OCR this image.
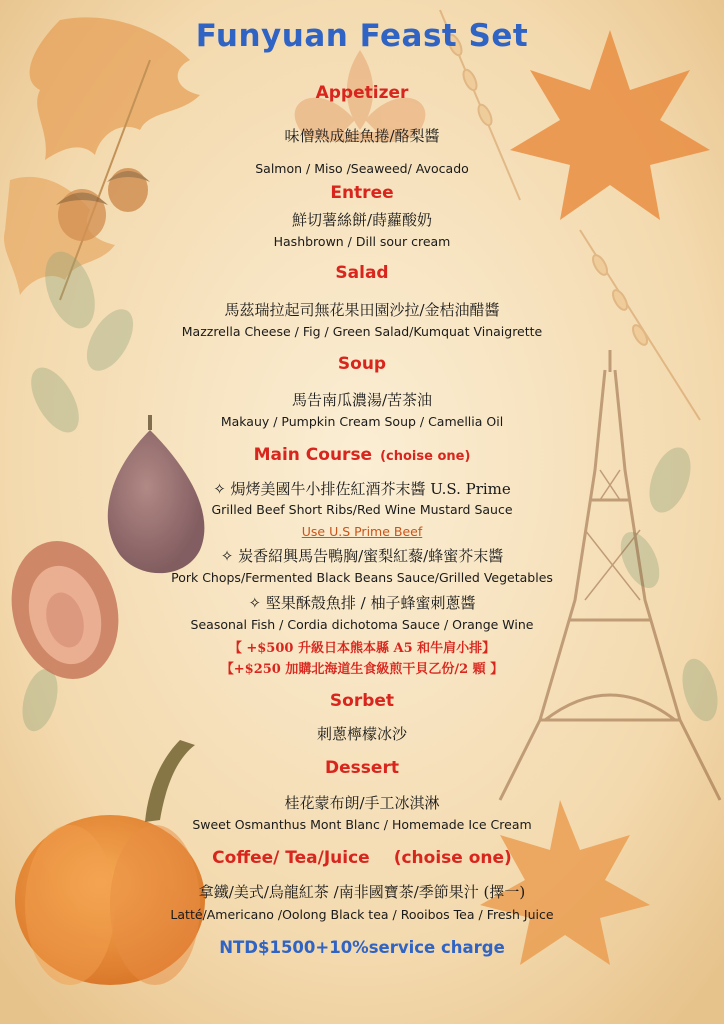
Funyuan Feast Set
Appetizer
味僧熟成鮭魚捲/酪梨醬
Salmon / Miso /Seaweed/ Avocado
Entree
鮮切薯絲餅/蒔蘿酸奶
Hashbrown / Dill sour cream
Salad
馬茲瑞拉起司無花果田園沙拉/金桔油醋醬
Mazzrella Cheese / Fig / Green Salad/Kumquat Vinaigrette
Soup
馬告南瓜濃湯/苦茶油
Makauy / Pumpkin Cream Soup / Camellia Oil
Main Course (choise one)
✧ 焗烤美國牛小排佐紅酒芥末醬 U.S. Prime
Grilled Beef Short Ribs/Red Wine Mustard Sauce
Use U.S Prime Beef
✧ 炭香紹興馬告鴨胸/蜜梨紅藜/蜂蜜芥末醬
Pork Chops/Fermented Black Beans Sauce/Grilled Vegetables
✧ 堅果酥殼魚排 / 柚子蜂蜜刺蔥醬
Seasonal Fish / Cordia dichotoma Sauce / Orange Wine
【 +$500 升級日本熊本縣 A5 和牛肩小排】
【+$250 加購北海道生食級煎干貝乙份/2 顆 】
Sorbet
刺蔥檸檬冰沙
Dessert
桂花蒙布朗/手工冰淇淋
Sweet Osmanthus Mont Blanc / Homemade Ice Cream
Coffee/ Tea/Juice (choise one)
拿鐵/美式/烏龍紅茶 /南非國寶茶/季節果汁 (擇一)
Latté/Americano /Oolong Black tea / Rooibos Tea / Fresh Juice
NTD$1500+10%service charge
